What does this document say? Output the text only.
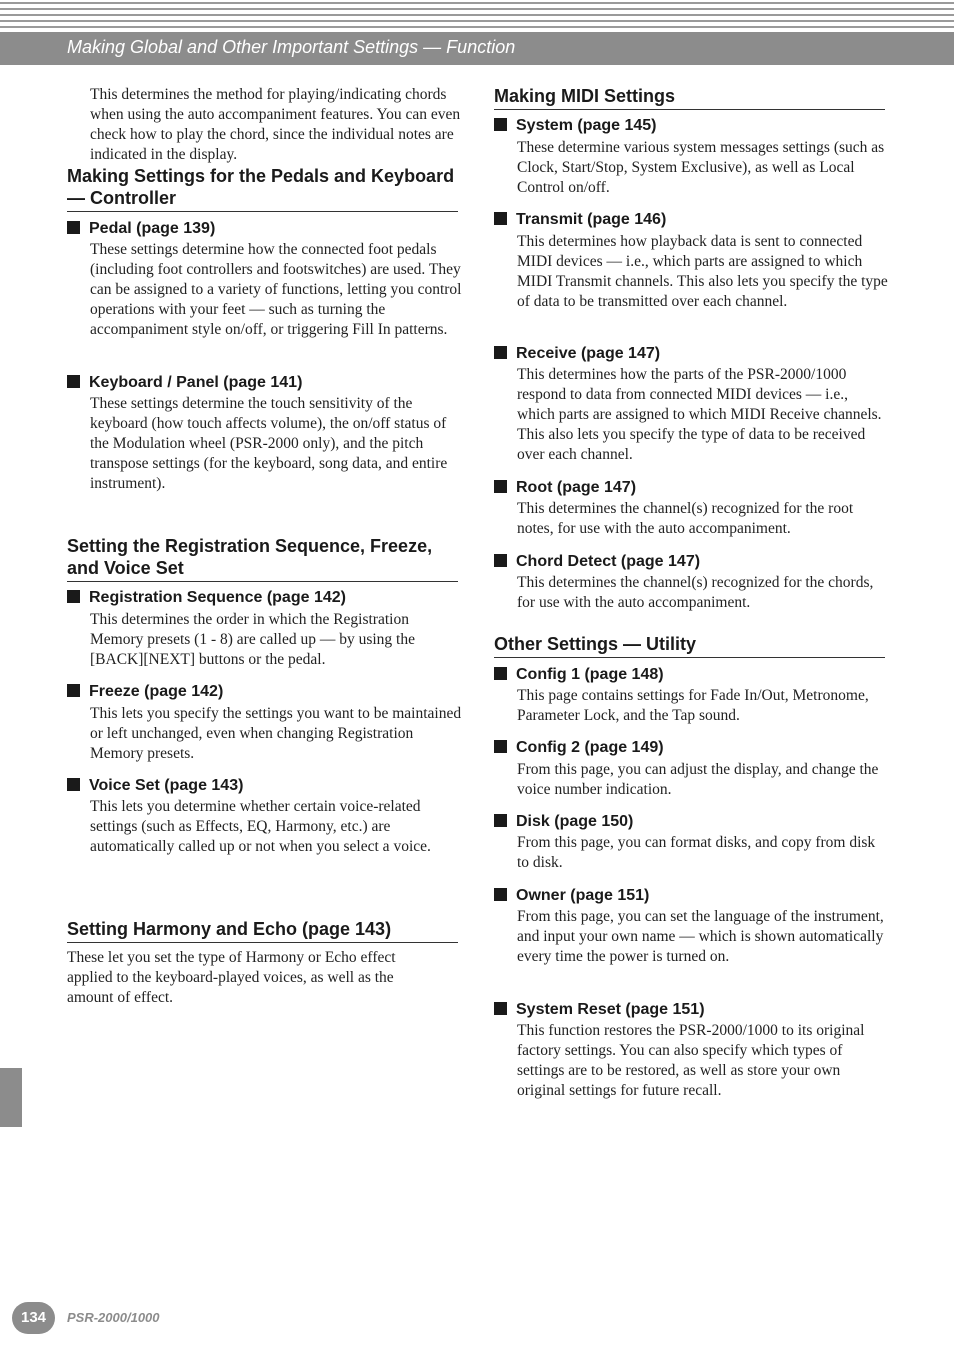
Making Global and Other Important Settings — Function
This determines the method for playing/indicating chords when using the auto accompaniment features. You can even check how to play the chord, since the individual notes are indicated in the display.
Making Settings for the Pedals and Keyboard — Controller
Pedal (page 139)
These settings determine how the connected foot pedals (including foot controllers and footswitches) are used. They can be assigned to a variety of functions, letting you control operations with your feet — such as turning the accompaniment style on/off, or triggering Fill In patterns.
Keyboard / Panel (page 141)
These settings determine the touch sensitivity of the keyboard (how touch affects volume), the on/off status of the Modulation wheel (PSR-2000 only), and the pitch transpose settings (for the keyboard, song data, and entire instrument).
Setting the Registration Sequence, Freeze, and Voice Set
Registration Sequence (page 142)
This determines the order in which the Registration Memory presets (1 - 8) are called up — by using the [BACK][NEXT] buttons or the pedal.
Freeze (page 142)
This lets you specify the settings you want to be maintained or left unchanged, even when changing Registration Memory presets.
Voice Set (page 143)
This lets you determine whether certain voice-related settings (such as Effects, EQ, Harmony, etc.) are automatically called up or not when you select a voice.
Setting Harmony and Echo (page 143)
These let you set the type of Harmony or Echo effect applied to the keyboard-played voices, as well as the amount of effect.
Making MIDI Settings
System (page 145)
These determine various system messages settings (such as Clock, Start/Stop, System Exclusive), as well as Local Control on/off.
Transmit (page 146)
This determines how playback data is sent to connected MIDI devices — i.e., which parts are assigned to which MIDI Transmit channels. This also lets you specify the type of data to be transmitted over each channel.
Receive (page 147)
This determines how the parts of the PSR-2000/1000 respond to data from connected MIDI devices — i.e., which parts are assigned to which MIDI Receive channels. This also lets you specify the type of data to be received over each channel.
Root (page 147)
This determines the channel(s) recognized for the root notes, for use with the auto accompaniment.
Chord Detect (page 147)
This determines the channel(s) recognized for the chords, for use with the auto accompaniment.
Other Settings — Utility
Config 1 (page 148)
This page contains settings for Fade In/Out, Metronome, Parameter Lock, and the Tap sound.
Config 2 (page 149)
From this page, you can adjust the display, and change the voice number indication.
Disk (page 150)
From this page, you can format disks, and copy from disk to disk.
Owner (page 151)
From this page, you can set the language of the instrument, and input your own name — which is shown automatically every time the power is turned on.
System Reset (page 151)
This function restores the PSR-2000/1000 to its original factory settings. You can also specify which types of settings are to be restored, as well as store your own original settings for future recall.
134	PSR-2000/1000
